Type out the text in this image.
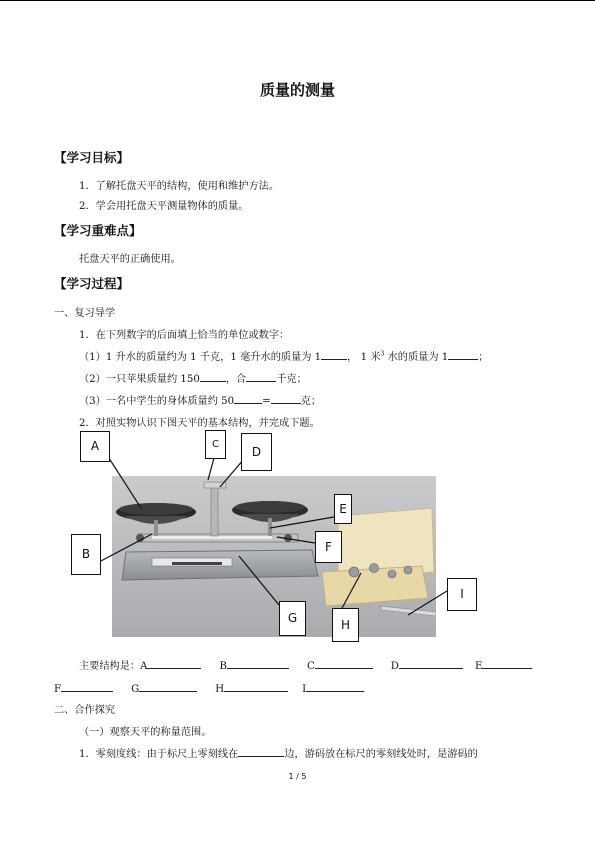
质量的测量
【学习目标】
1．了解托盘天平的结构，使用和维护方法。
2．学会用托盘天平测量物体的质量。
【学习重难点】
托盘天平的正确使用。
【学习过程】
一、复习导学
1．在下列数字的后面填上恰当的单位或数字：
（1）1 升水的质量约为 1 千克，1 毫升水的质量为 1	， 1 米$^3$ 水的质量为 1	；
（2）一只苹果质量约 150	，合	千克；
（3）一名中学生的身体质量约 50	=	克；
2．对照实物认识下图天平的基本结构，并完成下题。
A
B
C
D
E
F
G	H
I
主要结构是：A	B	C	D	E
F	G	H	I
二、合作探究
（一）观察天平的称量范围。
1．零刻度线：由于标尺上零刻线在	边，游码放在标尺的零刻线处时，是游码的
1 / 5
